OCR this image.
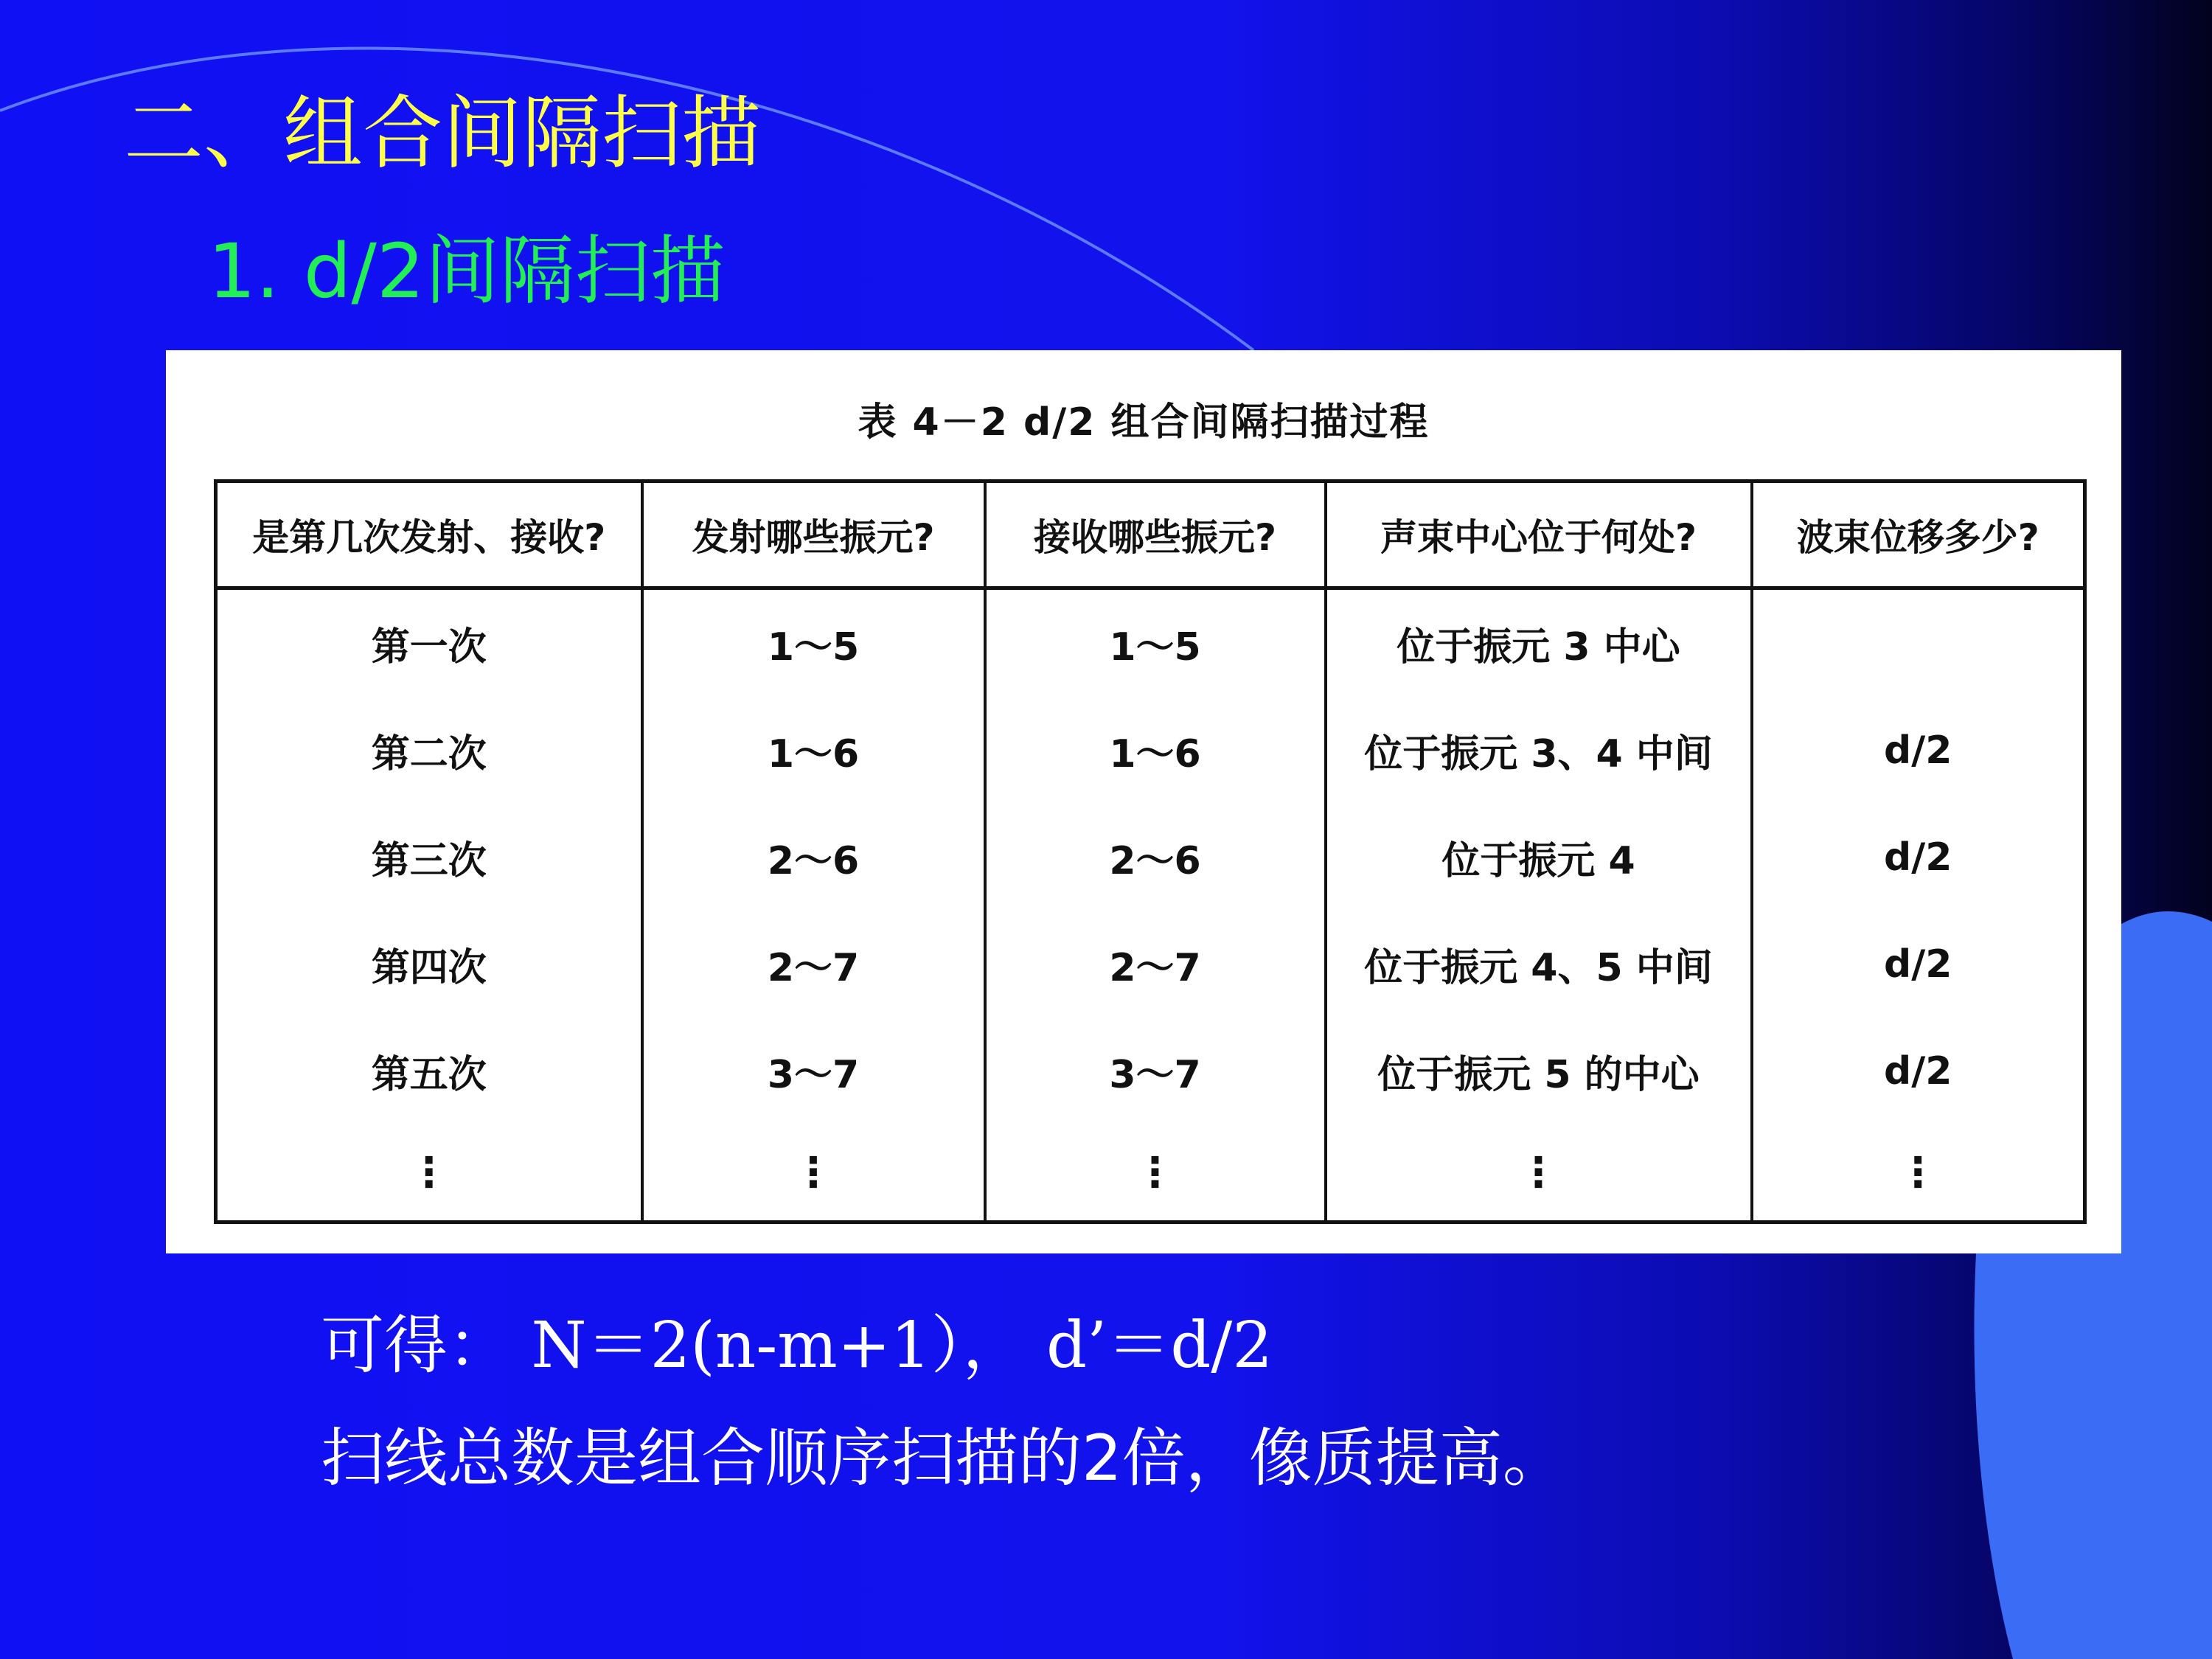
二、组合间隔扫描
1. d/2间隔扫描
表 4－2 d/2 组合间隔扫描过程
是第几次发射、接收?	发射哪些振元?	接收哪些振元?	声束中心位于何处?	波束位移多少?
第一次	1～5	1～5	位于振元 3 中心	
第二次	1～6	1～6	位于振元 3、4 中间	d/2
第三次	2～6	2～6	位于振元 4	d/2
第四次	2～7	2～7	位于振元 4、5 中间	d/2
第五次	3～7	3～7	位于振元 5 的中心	d/2
⋮	⋮	⋮	⋮	⋮

可得： N＝2(n-m+1）， d’＝d/2

扫线总数是组合顺序扫描的2倍，像质提高。
